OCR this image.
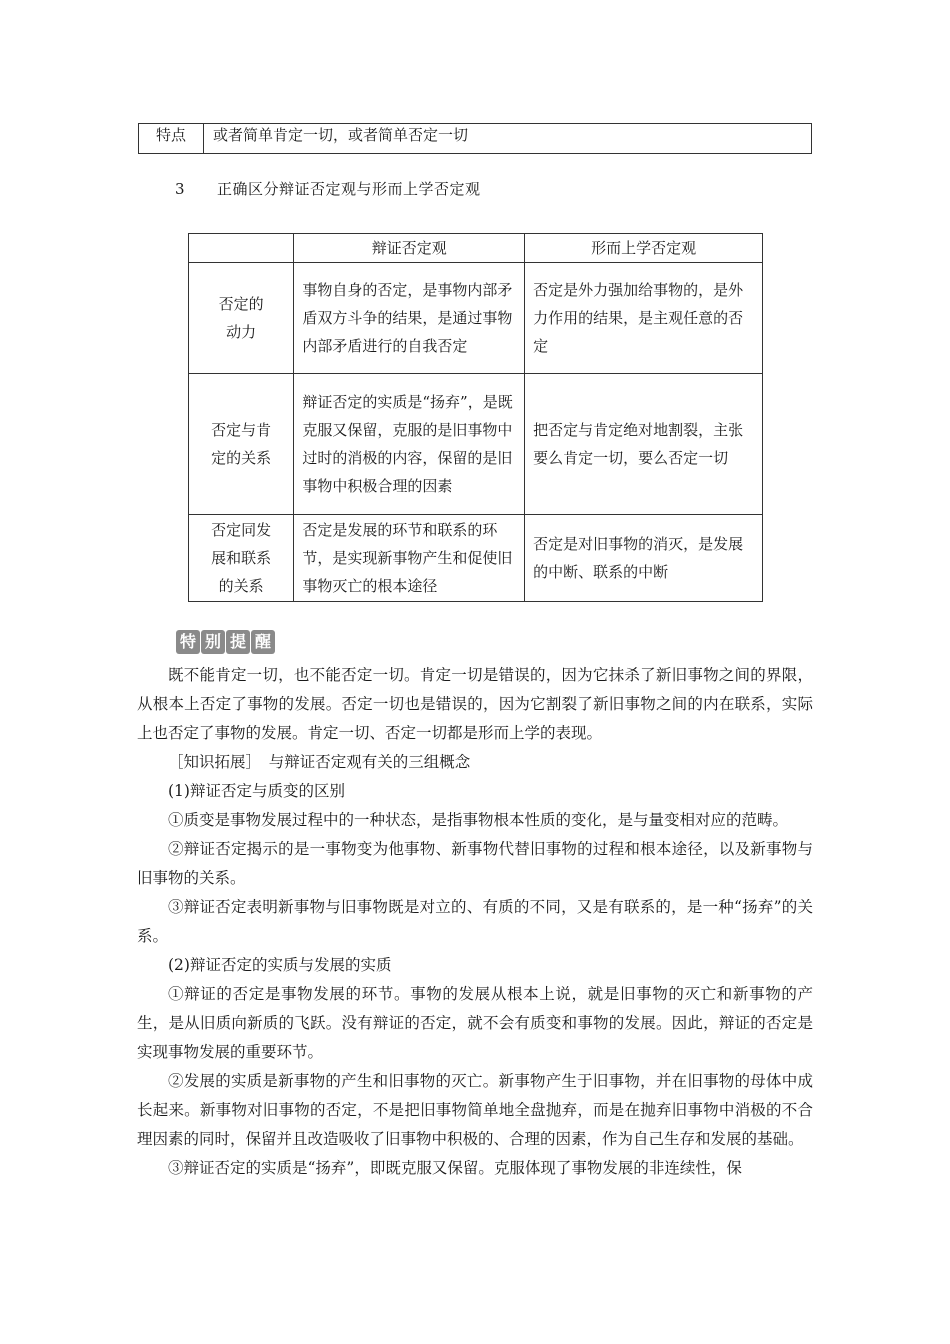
特点	或者简单肯定一切，或者简单否定一切
3 正确区分辩证否定观与形而上学否定观
	辩证否定观	形而上学否定观
否定的
动力	事物自身的否定，是事物内部矛盾双方斗争的结果，是通过事物内部矛盾进行的自我否定	否定是外力强加给事物的，是外力作用的结果，是主观任意的否定
否定与肯
定的关系	辩证否定的实质是“扬弃”，是既克服又保留，克服的是旧事物中过时的消极的内容，保留的是旧事物中积极合理的因素	把否定与肯定绝对地割裂，主张要么肯定一切，要么否定一切
否定同发
展和联系
的关系	否定是发展的环节和联系的环节，是实现新事物产生和促使旧事物灭亡的根本途径	否定是对旧事物的消灭，是发展的中断、联系的中断
特 别 提 醒

既不能肯定一切，也不能否定一切。肯定一切是错误的，因为它抹杀了新旧事物之间的界限，从根本上否定了事物的发展。否定一切也是错误的，因为它割裂了新旧事物之间的内在联系，实际上也否定了事物的发展。肯定一切、否定一切都是形而上学的表现。

［知识拓展］　与辩证否定观有关的三组概念

(1)辩证否定与质变的区别

①质变是事物发展过程中的一种状态，是指事物根本性质的变化，是与量变相对应的范畴。

②辩证否定揭示的是一事物变为他事物、新事物代替旧事物的过程和根本途径，以及新事物与旧事物的关系。

③辩证否定表明新事物与旧事物既是对立的、有质的不同，又是有联系的，是一种“扬弃”的关系。

(2)辩证否定的实质与发展的实质

①辩证的否定是事物发展的环节。事物的发展从根本上说，就是旧事物的灭亡和新事物的产生，是从旧质向新质的飞跃。没有辩证的否定，就不会有质变和事物的发展。因此，辩证的否定是实现事物发展的重要环节。

②发展的实质是新事物的产生和旧事物的灭亡。新事物产生于旧事物，并在旧事物的母体中成长起来。新事物对旧事物的否定，不是把旧事物简单地全盘抛弃，而是在抛弃旧事物中消极的不合理因素的同时，保留并且改造吸收了旧事物中积极的、合理的因素，作为自己生存和发展的基础。

③辩证否定的实质是“扬弃”，即既克服又保留。克服体现了事物发展的非连续性，保
